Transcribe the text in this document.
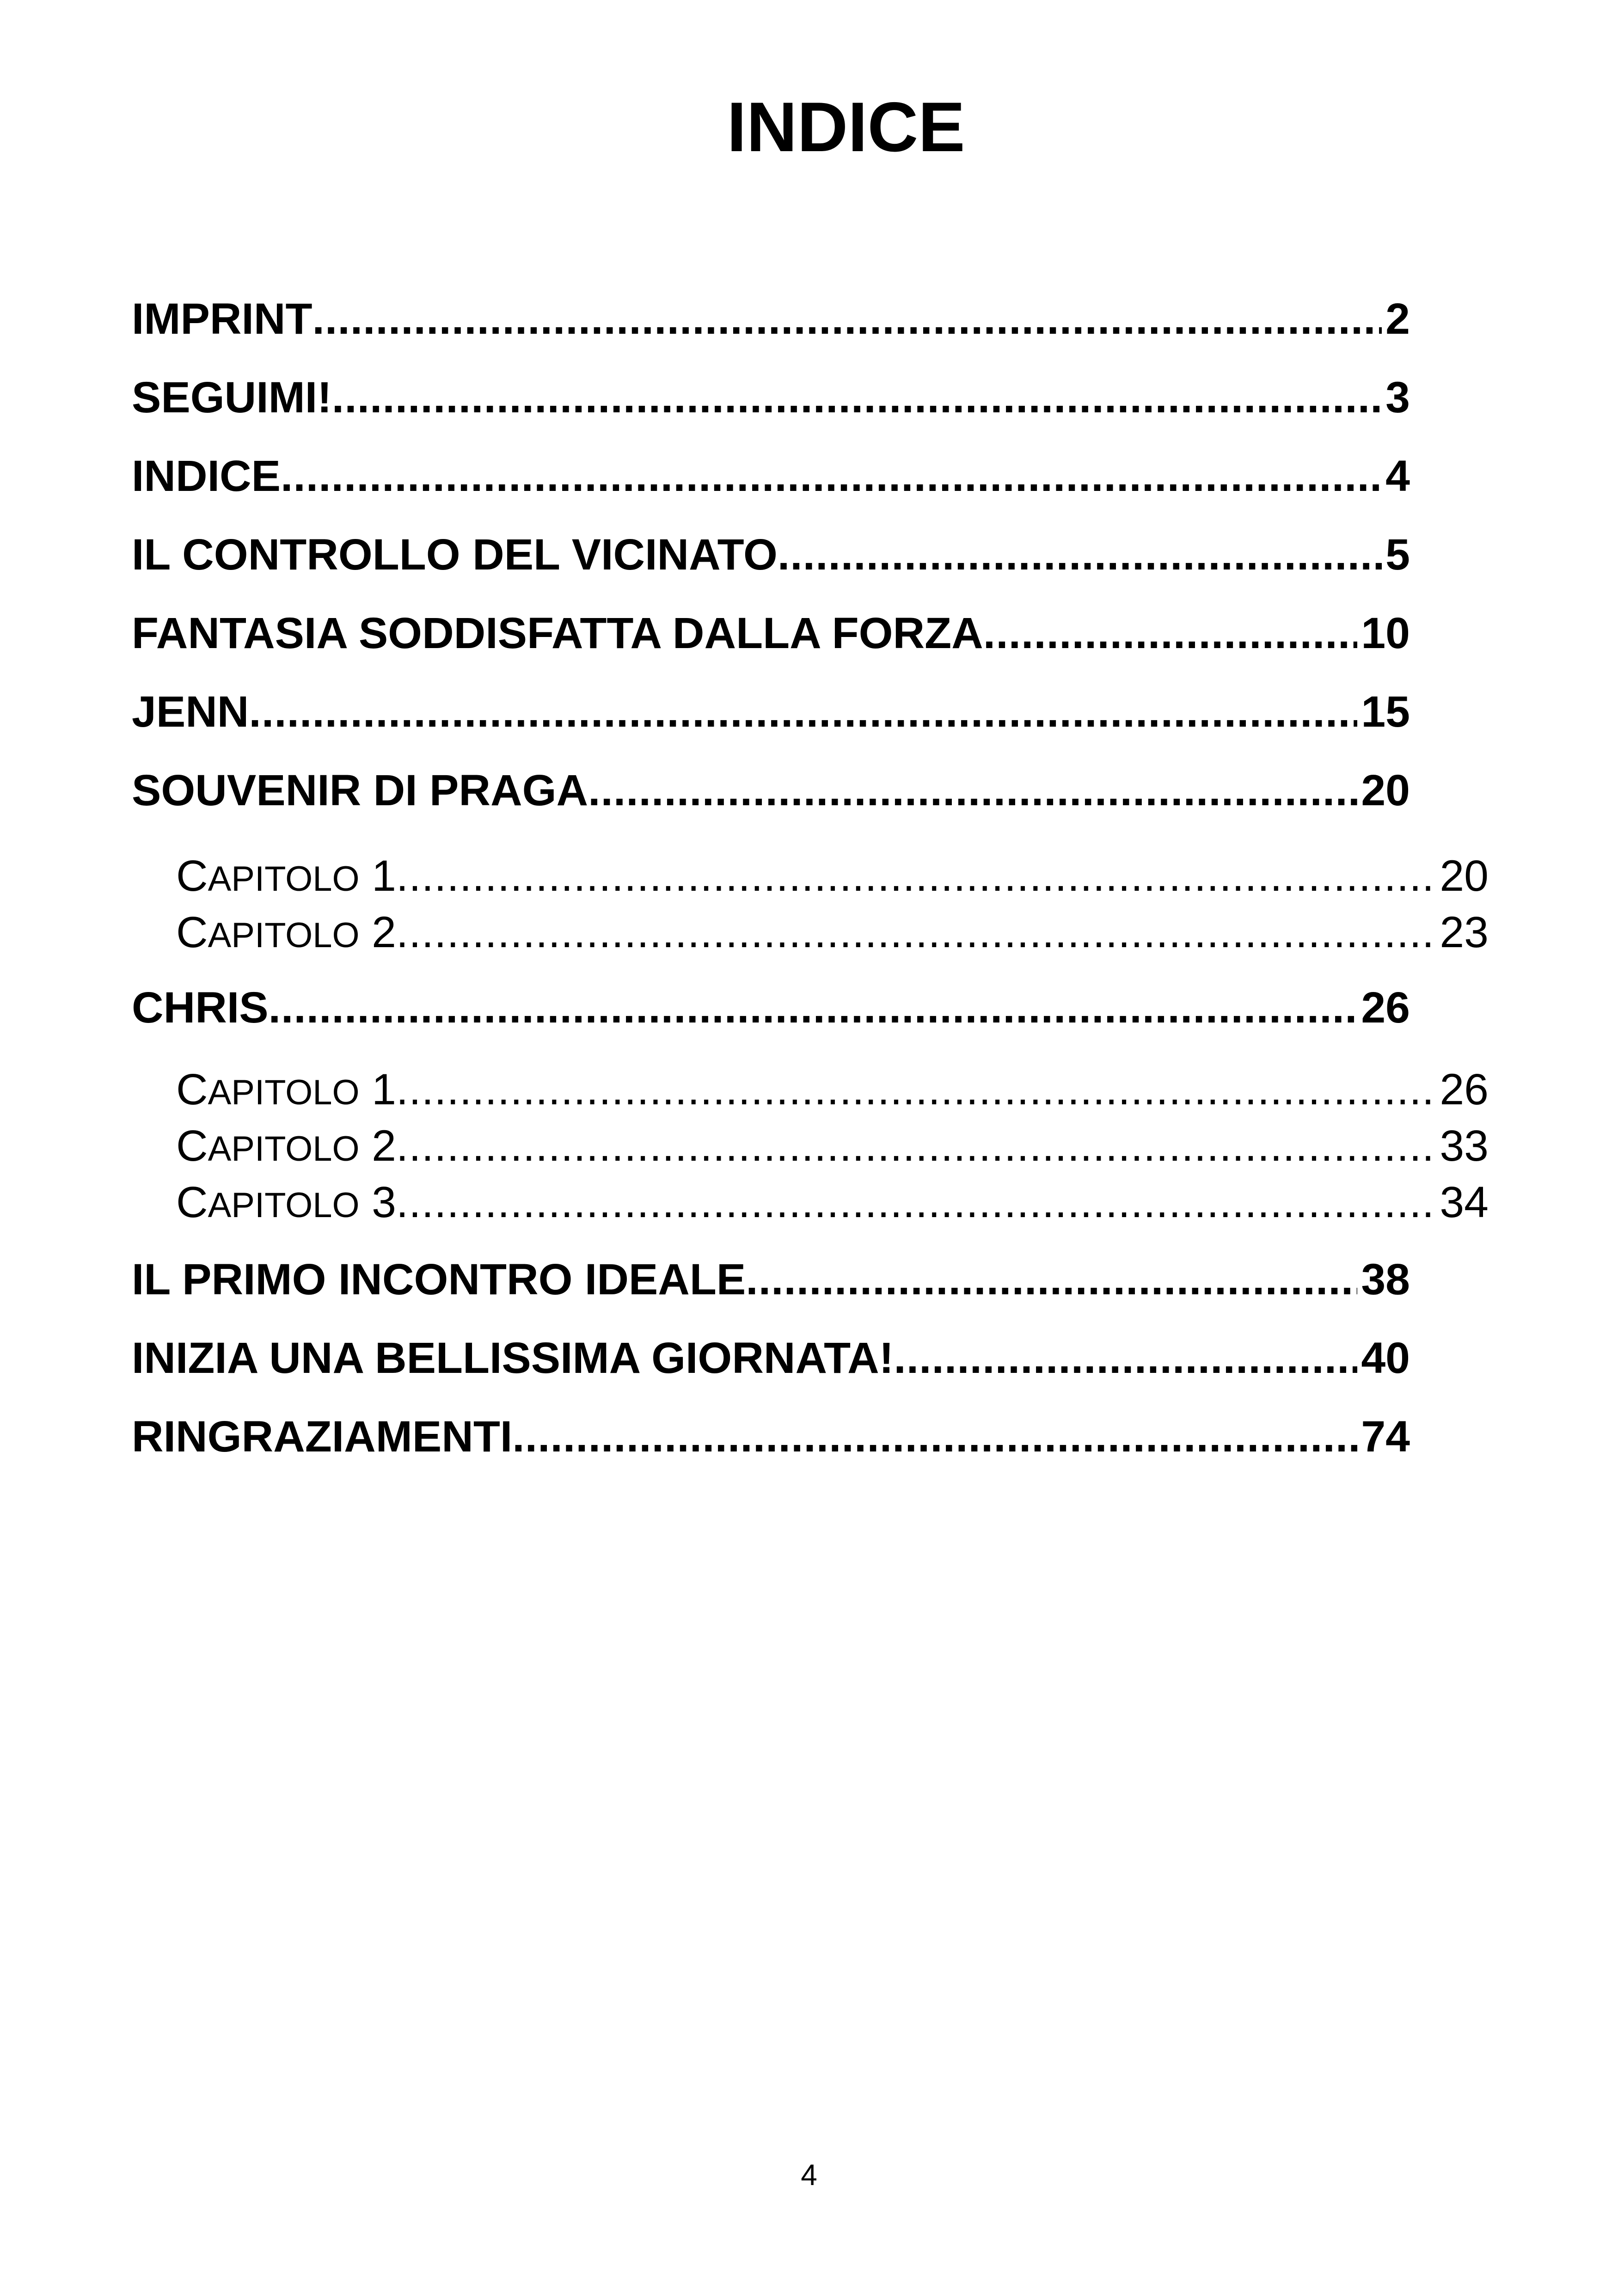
INDICE
IMPRINT .....	2
SEGUIMI! .....	3
INDICE .....	4
IL CONTROLLO DEL VICINATO .....	5
FANTASIA SODDISFATTA DALLA FORZA .....	10
JENN .....	15
SOUVENIR DI PRAGA .....	20
CAPITOLO 1 .....	20
CAPITOLO 2 .....	23
CHRIS .....	26
CAPITOLO 1 .....	26
CAPITOLO 2 .....	33
CAPITOLO 3 .....	34
IL PRIMO INCONTRO IDEALE .....	38
INIZIA UNA BELLISSIMA GIORNATA! .....	40
RINGRAZIAMENTI .....	74
4
